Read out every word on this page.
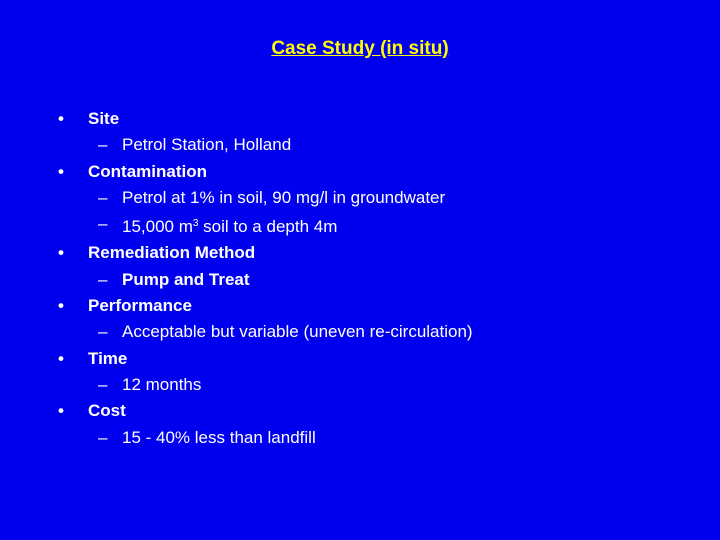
Case Study (in situ)
•	Site
– Petrol Station, Holland
•	Contamination
– Petrol at 1% in soil, 90 mg/l in groundwater
– 15,000 $m^3$ soil to a depth 4m
•	Remediation Method
– Pump and Treat
•	Performance
– Acceptable but variable (uneven re-circulation)
•	Time
– 12 months
•	Cost
– 15 - 40% less than landfill
